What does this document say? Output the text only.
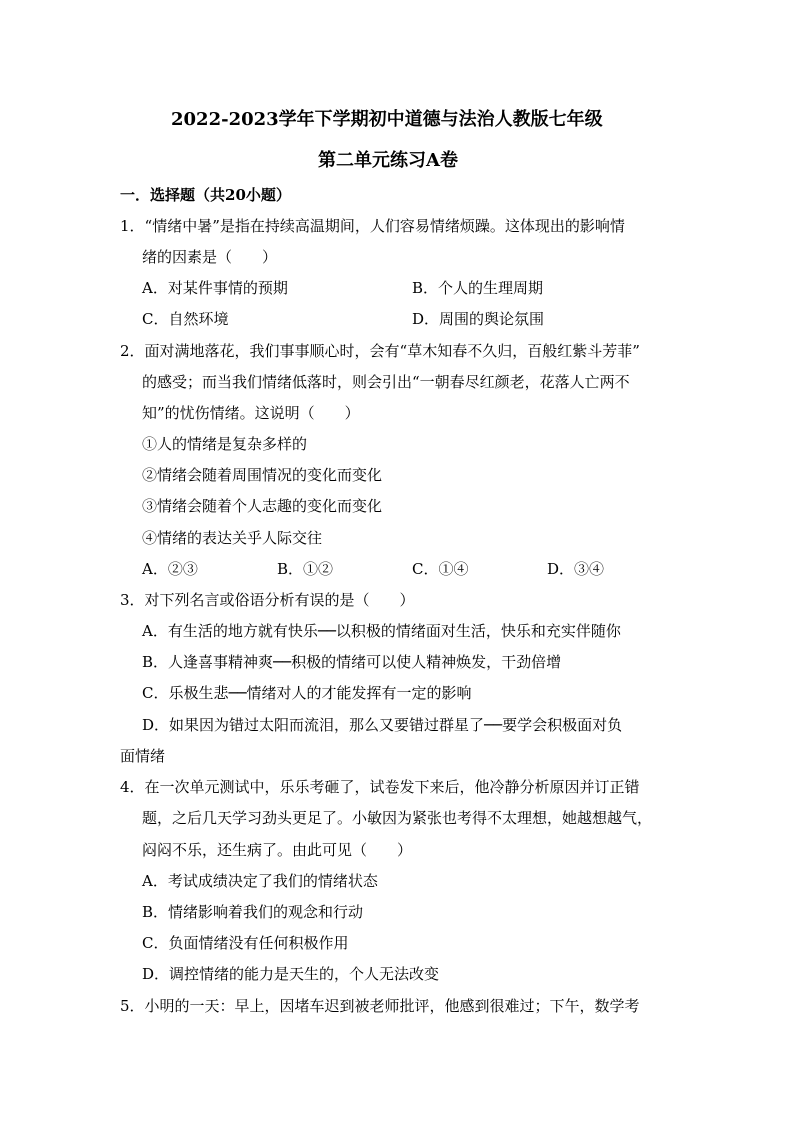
2022-2023学年下学期初中道德与法治人教版七年级
第二单元练习A卷
一．选择题（共20小题）
1．“情绪中暑”是指在持续高温期间，人们容易情绪烦躁。这体现出的影响情
绪的因素是（　　）
A．对某件事情的预期	B．个人的生理周期
C．自然环境	D．周围的舆论氛围
2．面对满地落花，我们事事顺心时，会有“草木知春不久归，百般红紫斗芳菲”
的感受；而当我们情绪低落时，则会引出“一朝春尽红颜老，花落人亡两不
知”的忧伤情绪。这说明（　　）
①人的情绪是复杂多样的
②情绪会随着周围情况的变化而变化
③情绪会随着个人志趣的变化而变化
④情绪的表达关乎人际交往
A．②③	B．①②	C．①④	D．③④
3．对下列名言或俗语分析有误的是（　　）
A．有生活的地方就有快乐──以积极的情绪面对生活，快乐和充实伴随你
B．人逢喜事精神爽──积极的情绪可以使人精神焕发，干劲倍增
C．乐极生悲──情绪对人的才能发挥有一定的影响
D．如果因为错过太阳而流泪，那么又要错过群星了──要学会积极面对负
面情绪
4．在一次单元测试中，乐乐考砸了，试卷发下来后，他冷静分析原因并订正错
题，之后几天学习劲头更足了。小敏因为紧张也考得不太理想，她越想越气，
闷闷不乐，还生病了。由此可见（　　）
A．考试成绩决定了我们的情绪状态
B．情绪影响着我们的观念和行动
C．负面情绪没有任何积极作用
D．调控情绪的能力是天生的，个人无法改变
5．小明的一天：早上，因堵车迟到被老师批评，他感到很难过；下午，数学考
